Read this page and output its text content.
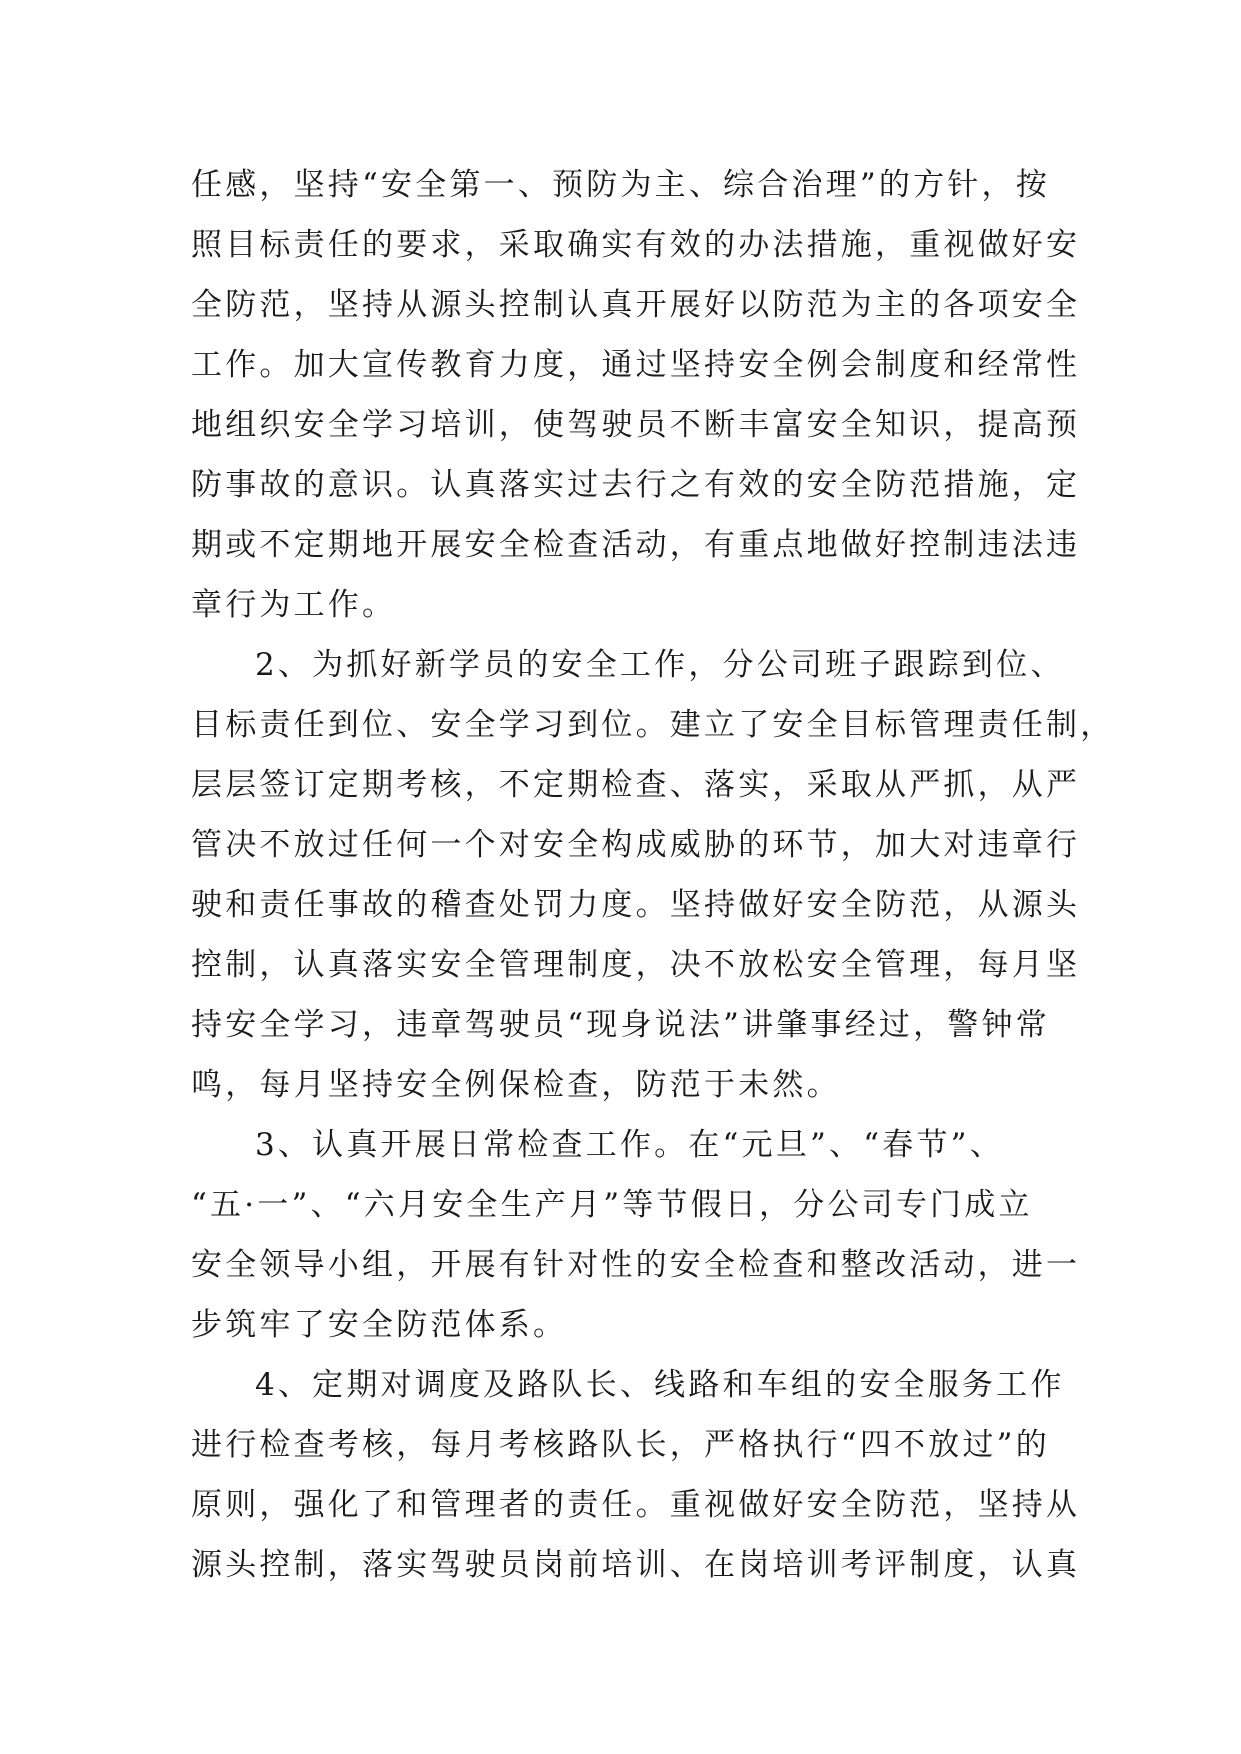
任感，坚持“安全第一、预防为主、综合治理”的方针，按
照目标责任的要求，采取确实有效的办法措施，重视做好安
全防范，坚持从源头控制认真开展好以防范为主的各项安全
工作。加大宣传教育力度，通过坚持安全例会制度和经常性
地组织安全学习培训，使驾驶员不断丰富安全知识，提高预
防事故的意识。认真落实过去行之有效的安全防范措施，定
期或不定期地开展安全检查活动，有重点地做好控制违法违
章行为工作。
2、为抓好新学员的安全工作，分公司班子跟踪到位、
目标责任到位、安全学习到位。建立了安全目标管理责任制，
层层签订定期考核，不定期检查、落实，采取从严抓，从严
管决不放过任何一个对安全构成威胁的环节，加大对违章行
驶和责任事故的稽查处罚力度。坚持做好安全防范，从源头
控制，认真落实安全管理制度，决不放松安全管理，每月坚
持安全学习，违章驾驶员“现身说法”讲肇事经过，警钟常
鸣，每月坚持安全例保检查，防范于未然。
3、认真开展日常检查工作。在“元旦”、“春节”、
“五·一”、“六月安全生产月”等节假日，分公司专门成立
安全领导小组，开展有针对性的安全检查和整改活动，进一
步筑牢了安全防范体系。
4、定期对调度及路队长、线路和车组的安全服务工作
进行检查考核，每月考核路队长，严格执行“四不放过”的
原则，强化了和管理者的责任。重视做好安全防范，坚持从
源头控制，落实驾驶员岗前培训、在岗培训考评制度，认真
